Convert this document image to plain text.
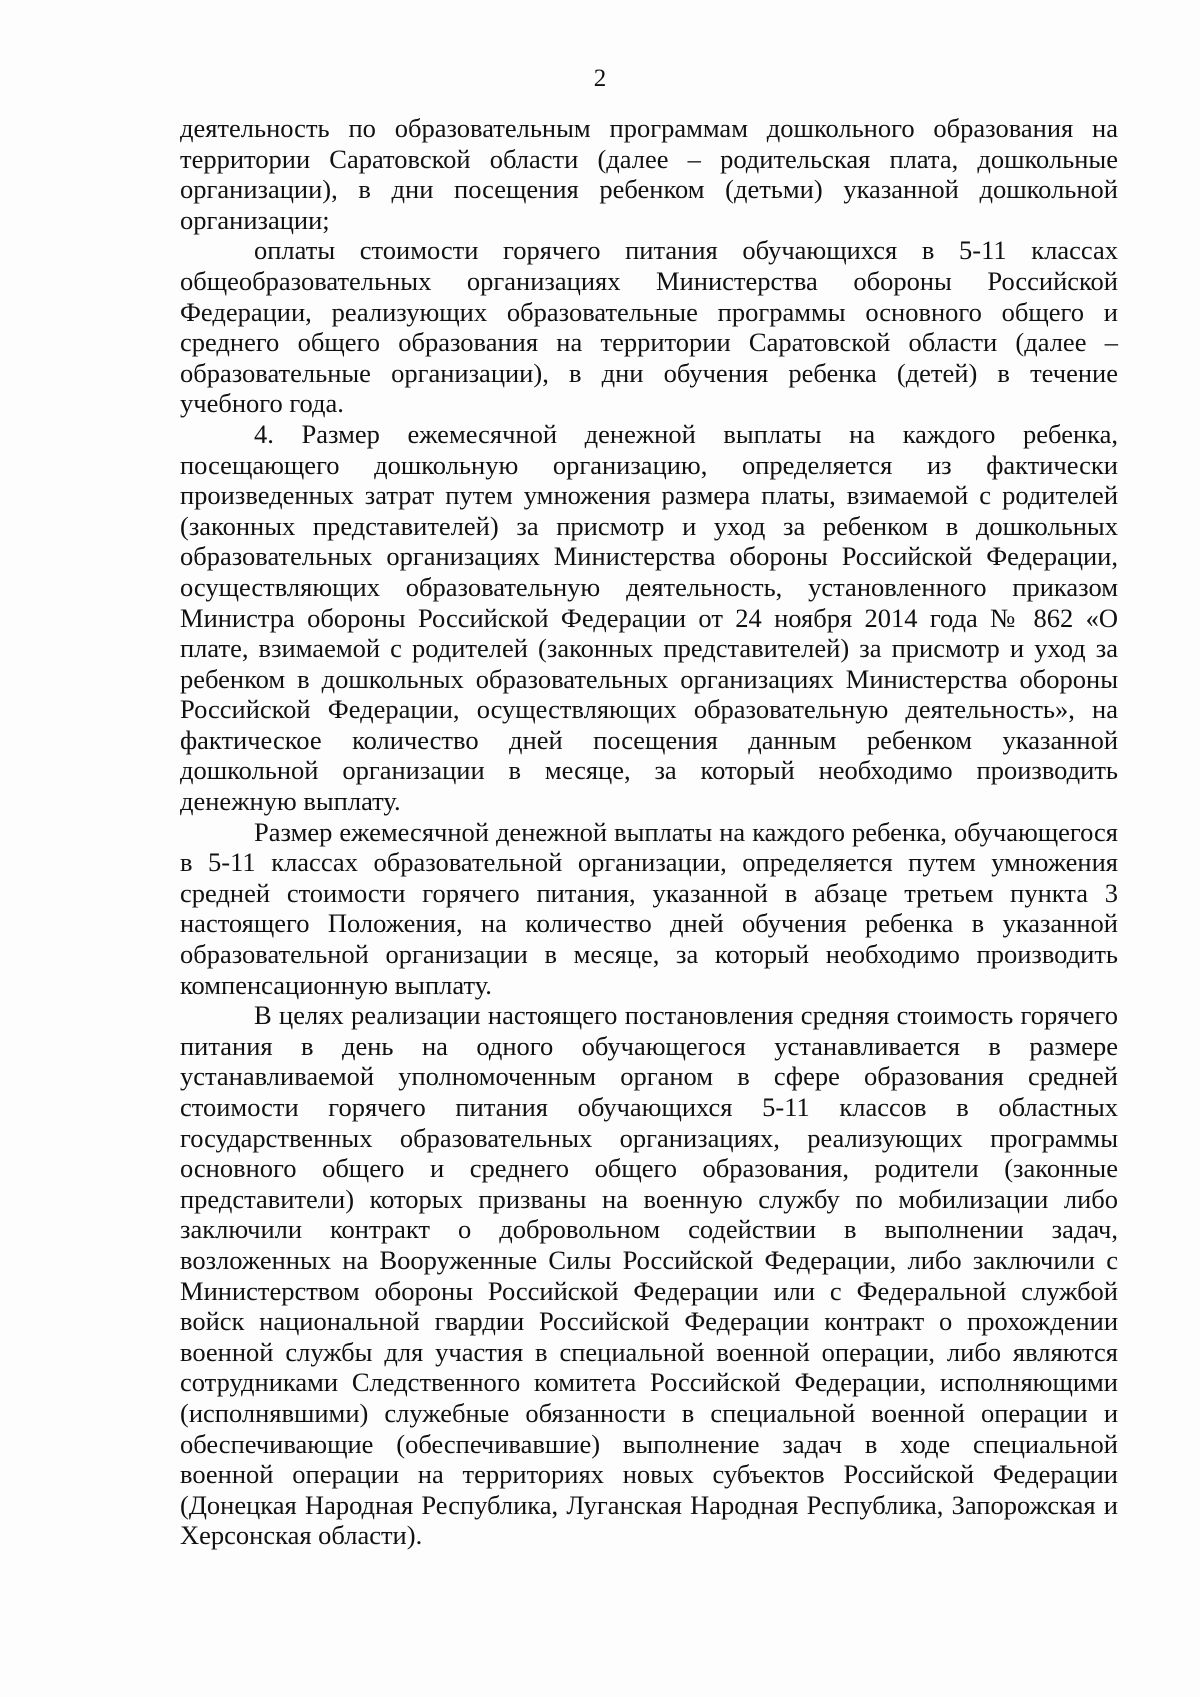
2

деятельность по образовательным программам дошкольного образования на территории Саратовской области (далее – родительская плата, дошкольные организации), в дни посещения ребенком (детьми) указанной дошкольной организации;

оплаты стоимости горячего питания обучающихся в 5-11 классах общеобразовательных организациях Министерства обороны Российской Федерации, реализующих образовательные программы основного общего и среднего общего образования на территории Саратовской области (далее – образовательные организации), в дни обучения ребенка (детей) в течение учебного года.

4. Размер ежемесячной денежной выплаты на каждого ребенка, посещающего дошкольную организацию, определяется из фактически произведенных затрат путем умножения размера платы, взимаемой с родителей (законных представителей) за присмотр и уход за ребенком в дошкольных образовательных организациях Министерства обороны Российской Федерации, осуществляющих образовательную деятельность, установленного приказом Министра обороны Российской Федерации от 24 ноября 2014 года № 862 «О плате, взимаемой с родителей (законных представителей) за присмотр и уход за ребенком в дошкольных образовательных организациях Министерства обороны Российской Федерации, осуществляющих образовательную деятельность», на фактическое количество дней посещения данным ребенком указанной дошкольной организации в месяце, за который необходимо производить денежную выплату.

Размер ежемесячной денежной выплаты на каждого ребенка, обучающегося в 5-11 классах образовательной организации, определяется путем умножения средней стоимости горячего питания, указанной в абзаце третьем пункта 3 настоящего Положения, на количество дней обучения ребенка в указанной образовательной организации в месяце, за который необходимо производить компенсационную выплату.

В целях реализации настоящего постановления средняя стоимость горячего питания в день на одного обучающегося устанавливается в размере устанавливаемой уполномоченным органом в сфере образования средней стоимости горячего питания обучающихся 5-11 классов в областных государственных образовательных организациях, реализующих программы основного общего и среднего общего образования, родители (законные представители) которых призваны на военную службу по мобилизации либо заключили контракт о добровольном содействии в выполнении задач, возложенных на Вооруженные Силы Российской Федерации, либо заключили с Министерством обороны Российской Федерации или с Федеральной службой войск национальной гвардии Российской Федерации контракт о прохождении военной службы для участия в специальной военной операции, либо являются сотрудниками Следственного комитета Российской Федерации, исполняющими (исполнявшими) служебные обязанности в специальной военной операции и обеспечивающие (обеспечивавшие) выполнение задач в ходе специальной военной операции на территориях новых субъектов Российской Федерации (Донецкая Народная Республика, Луганская Народная Республика, Запорожская и Херсонская области).
